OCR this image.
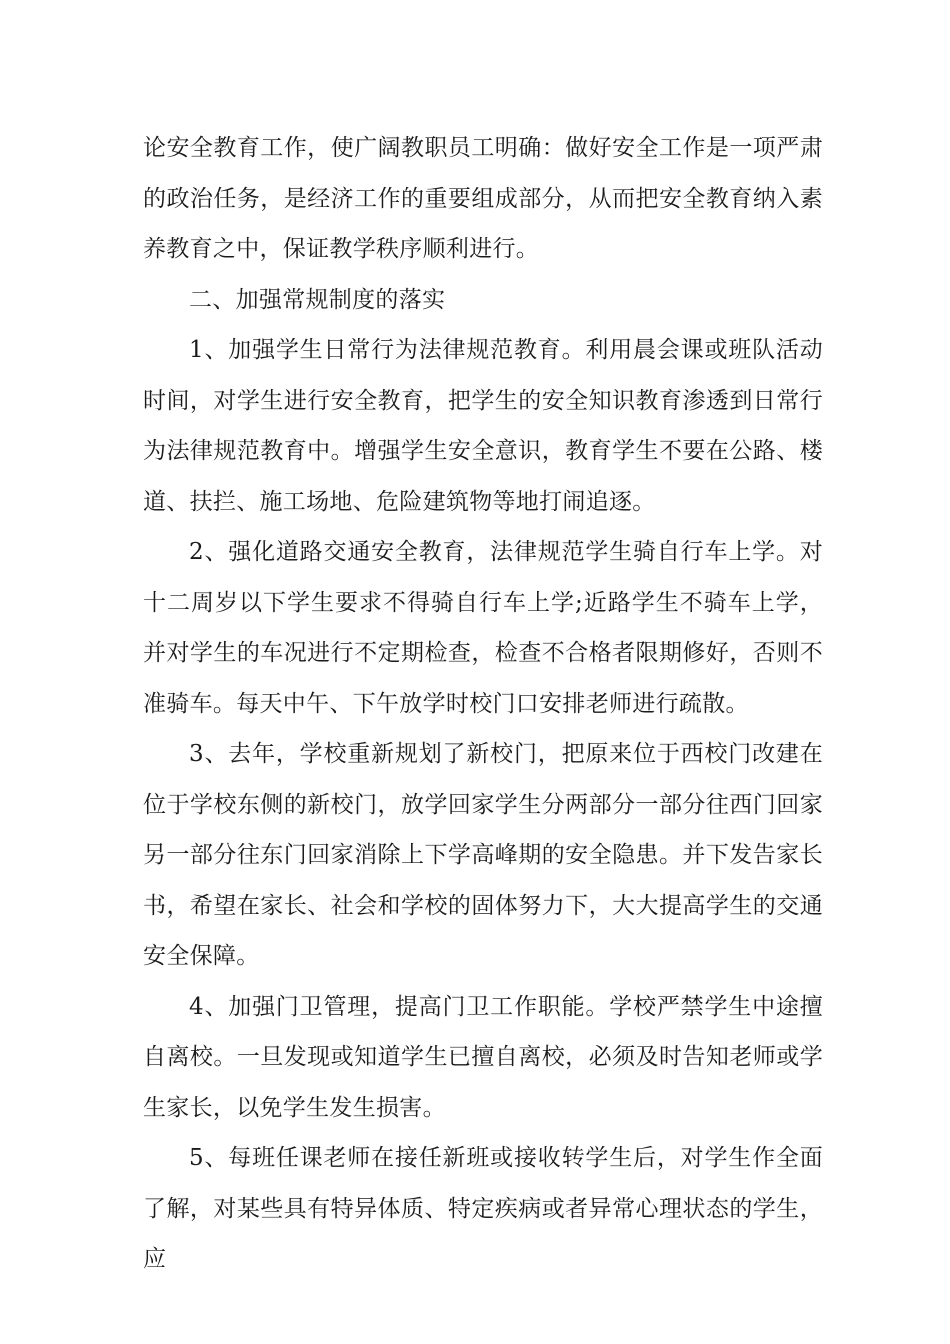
论安全教育工作，使广阔教职员工明确：做好安全工作是一项严肃的政治任务，是经济工作的重要组成部分，从而把安全教育纳入素养教育之中，保证教学秩序顺利进行。

二、加强常规制度的落实

1、加强学生日常行为法律规范教育。利用晨会课或班队活动时间，对学生进行安全教育，把学生的安全知识教育渗透到日常行为法律规范教育中。增强学生安全意识，教育学生不要在公路、楼道、扶拦、施工场地、危险建筑物等地打闹追逐。

2、强化道路交通安全教育，法律规范学生骑自行车上学。对十二周岁以下学生要求不得骑自行车上学;近路学生不骑车上学，并对学生的车况进行不定期检查，检查不合格者限期修好，否则不准骑车。每天中午、下午放学时校门口安排老师进行疏散。

3、去年，学校重新规划了新校门，把原来位于西校门改建在位于学校东侧的新校门，放学回家学生分两部分一部分往西门回家另一部分往东门回家消除上下学高峰期的安全隐患。并下发告家长书，希望在家长、社会和学校的固体努力下，大大提高学生的交通安全保障。

4、加强门卫管理，提高门卫工作职能。学校严禁学生中途擅自离校。一旦发现或知道学生已擅自离校，必须及时告知老师或学生家长，以免学生发生损害。

5、每班任课老师在接任新班或接收转学生后，对学生作全面了解，对某些具有特异体质、特定疾病或者异常心理状态的学生，应
